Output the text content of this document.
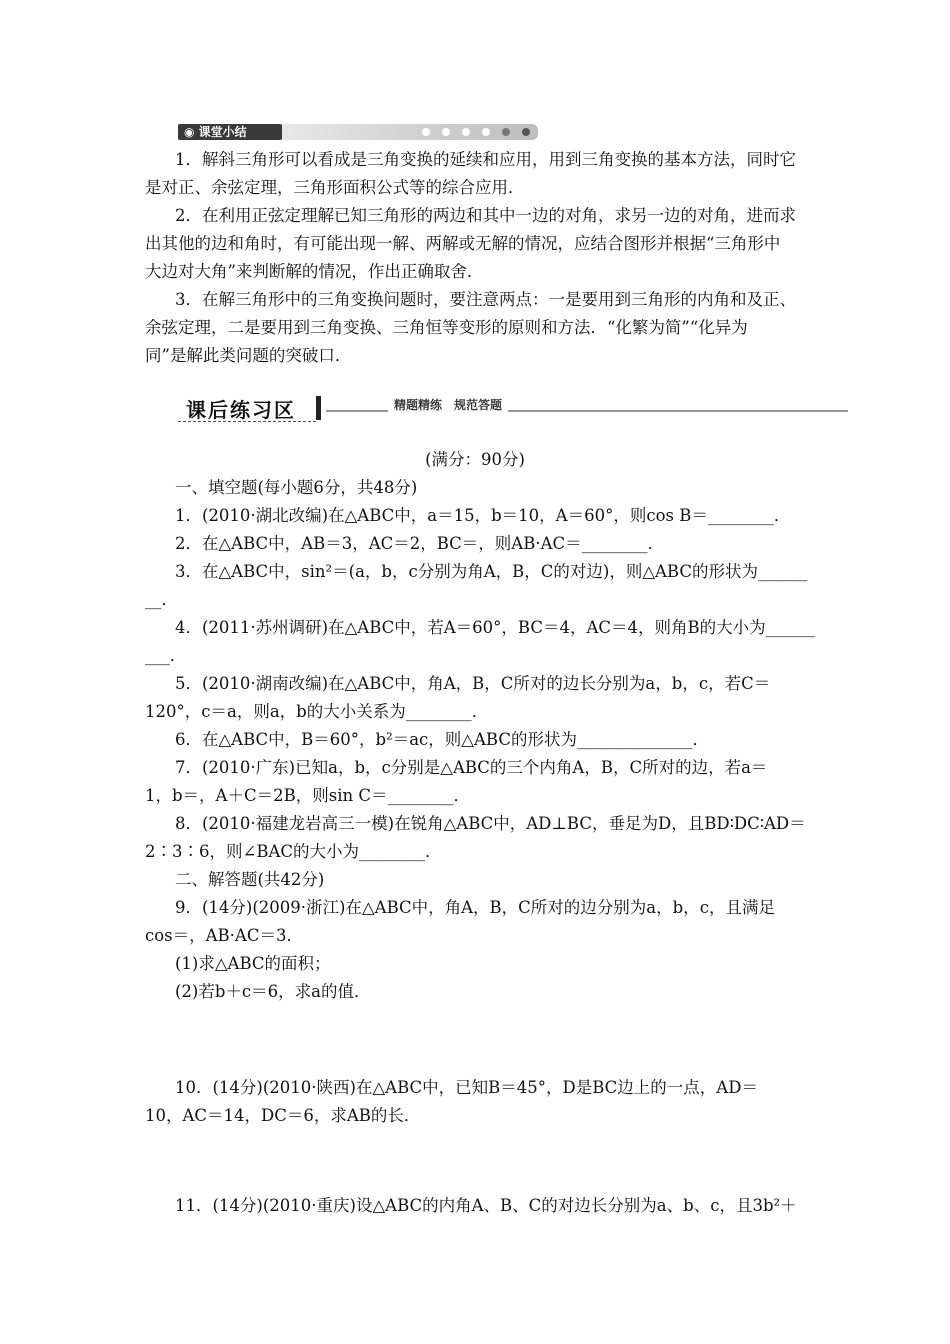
◉ 课堂小结
1．解斜三角形可以看成是三角变换的延续和应用，用到三角变换的基本方法，同时它
是对正、余弦定理，三角形面积公式等的综合应用．
2．在利用正弦定理解已知三角形的两边和其中一边的对角，求另一边的对角，进而求
出其他的边和角时，有可能出现一解、两解或无解的情况，应结合图形并根据“三角形中
大边对大角”来判断解的情况，作出正确取舍．
3．在解三角形中的三角变换问题时，要注意两点：一是要用到三角形的内角和及正、
余弦定理，二是要用到三角变换、三角恒等变形的原则和方法．“化繁为简”“化异为
同”是解此类问题的突破口．
课后练习区	精题精练　规范答题
(满分：90分)
一、填空题(每小题6分，共48分)
1．(2010·湖北改编)在△ABC中，a＝15，b＝10，A＝60°，则cos B＝________．
2．在△ABC中，AB＝3，AC＝2，BC＝，则AB·AC＝________．
3．在△ABC中，sin²＝(a，b，c分别为角A，B，C的对边)，则△ABC的形状为______
__．
4．(2011·苏州调研)在△ABC中，若A＝60°，BC＝4，AC＝4，则角B的大小为______
___．
5．(2010·湖南改编)在△ABC中，角A，B，C所对的边长分别为a，b，c，若C＝
120°，c＝a，则a，b的大小关系为________．
6．在△ABC中，B＝60°，b²＝ac，则△ABC的形状为______________．
7．(2010·广东)已知a，b，c分别是△ABC的三个内角A，B，C所对的边，若a＝
1，b＝，A＋C＝2B，则sin C＝________．
8．(2010·福建龙岩高三一模)在锐角△ABC中，AD⊥BC，垂足为D，且BD∶DC∶AD＝
2∶3∶6，则∠BAC的大小为________．
二、解答题(共42分)
9．(14分)(2009·浙江)在△ABC中，角A，B，C所对的边分别为a，b，c，且满足
cos＝，AB·AC＝3．
(1)求△ABC的面积；
(2)若b＋c＝6，求a的值．
10．(14分)(2010·陕西)在△ABC中，已知B＝45°，D是BC边上的一点，AD＝
10，AC＝14，DC＝6，求AB的长．
11．(14分)(2010·重庆)设△ABC的内角A、B、C的对边长分别为a、b、c，且3b²＋
